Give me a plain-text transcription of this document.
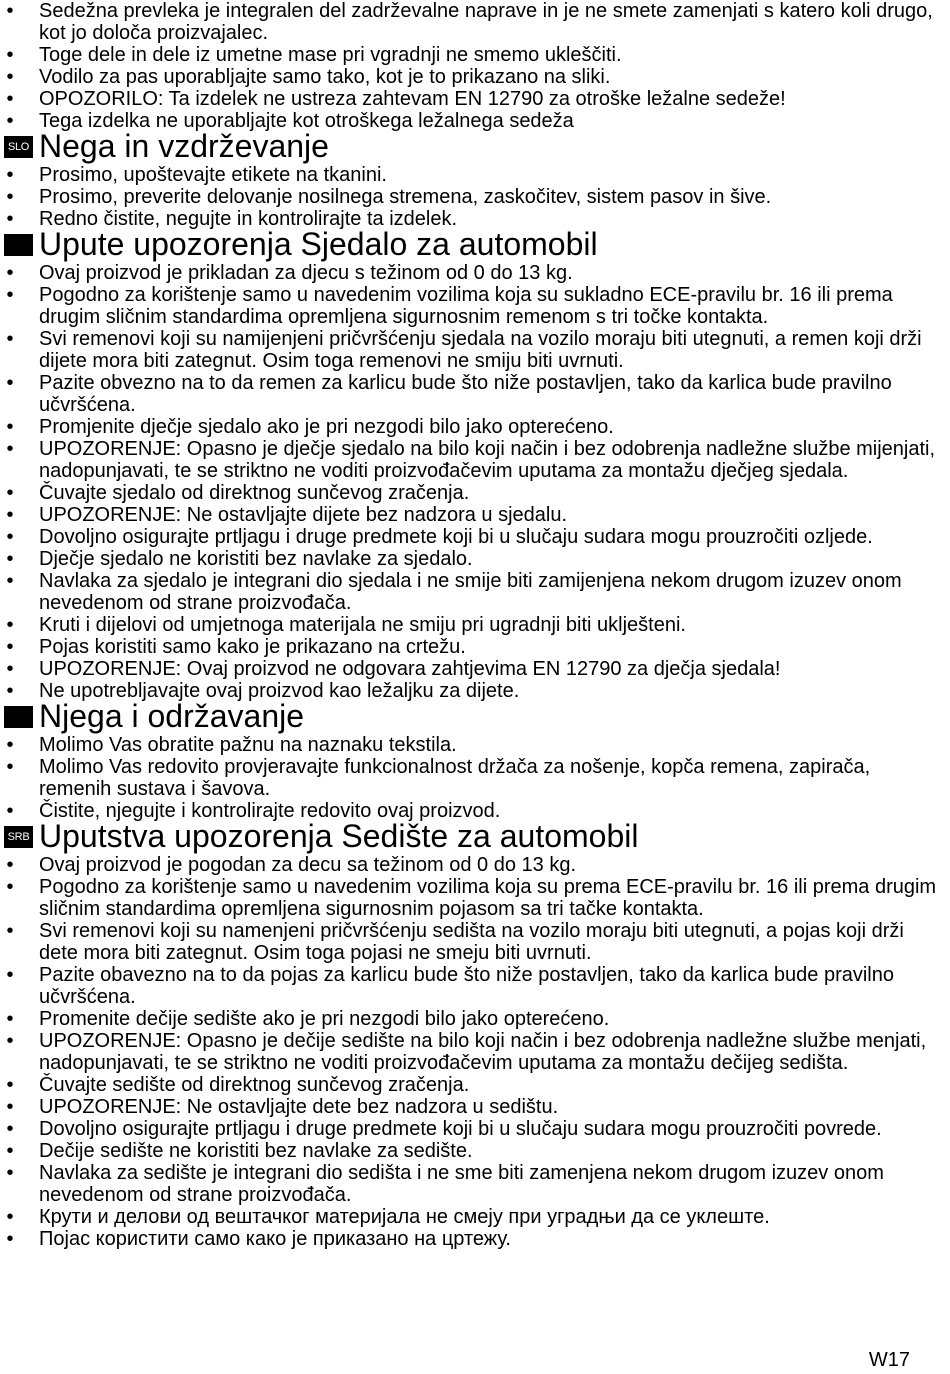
• Sedežna prevleka je integralen del zadrževalne naprave in je ne smete zamenjati s katero koli drugo, kot jo določa proizvajalec.
• Toge dele in dele iz umetne mase pri vgradnji ne smemo ukleščiti.
• Vodilo za pas uporabljajte samo tako, kot je to prikazano na sliki.
• OPOZORILO: Ta izdelek ne ustreza zahtevam EN 12790 za otroške ležalne sedeže!
• Tega izdelka ne uporabljajte kot otroškega ležalnega sedeža
SLO Nega in vzdrževanje
• Prosimo, upoštevajte etikete na tkanini.
• Prosimo, preverite delovanje nosilnega stremena, zaskočitev, sistem pasov in šive.
• Redno čistite, negujte in kontrolirajte ta izdelek.
Upute upozorenja Sjedalo za automobil
• Ovaj proizvod je prikladan za djecu s težinom od 0 do 13 kg.
• Pogodno za korištenje samo u navedenim vozilima koja su sukladno ECE-pravilu br. 16 ili prema drugim sličnim standardima opremljena sigurnosnim remenom s tri točke kontakta.
• Svi remenovi koji su namijenjeni pričvršćenju sjedala na vozilo moraju biti utegnuti, a remen koji drži dijete mora biti zategnut. Osim toga remenovi ne smiju biti uvrnuti.
• Pazite obvezno na to da remen za karlicu bude što niže postavljen, tako da karlica bude pravilno učvršćena.
• Promjenite dječje sjedalo ako je pri nezgodi bilo jako opterećeno.
• UPOZORENJE: Opasno je dječje sjedalo na bilo koji način i bez odobrenja nadležne službe mijenjati, nadopunjavati, te se striktno ne voditi proizvođačevim uputama za montažu dječjeg sjedala.
• Čuvajte sjedalo od direktnog sunčevog zračenja.
• UPOZORENJE: Ne ostavljajte dijete bez nadzora u sjedalu.
• Dovoljno osigurajte prtljagu i druge predmete koji bi u slučaju sudara mogu prouzročiti ozljede.
• Dječje sjedalo ne koristiti bez navlake za sjedalo.
• Navlaka za sjedalo je integrani dio sjedala i ne smije biti zamijenjena nekom drugom izuzev onom nevedenom od strane proizvođača.
• Kruti i dijelovi od umjetnoga materijala ne smiju pri ugradnji biti uklješteni.
• Pojas koristiti samo kako je prikazano na crtežu.
• UPOZORENJE: Ovaj proizvod ne odgovara zahtjevima EN 12790 za dječja sjedala!
• Ne upotrebljavajte ovaj proizvod kao ležaljku za dijete.
Njega i održavanje
• Molimo Vas obratite pažnu na naznaku tekstila.
• Molimo Vas redovito provjeravajte funkcionalnost držača za nošenje, kopča remena, zapirača, remenih sustava i šavova.
• Čistite, njegujte i kontrolirajte redovito ovaj proizvod.
SRB Uputstva upozorenja Sedište za automobil
• Ovaj proizvod je pogodan za decu sa težinom od 0 do 13 kg.
• Pogodno za korištenje samo u navedenim vozilima koja su prema ECE-pravilu br. 16 ili prema drugim sličnim standardima opremljena sigurnosnim pojasom sa tri tačke kontakta.
• Svi remenovi koji su namenjeni pričvršćenju sedišta na vozilo moraju biti utegnuti, a pojas koji drži dete mora biti zategnut. Osim toga pojasi ne smeju biti uvrnuti.
• Pazite obavezno na to da pojas za karlicu bude što niže postavljen, tako da karlica bude pravilno učvršćena.
• Promenite dečije sedište ako je pri nezgodi bilo jako opterećeno.
• UPOZORENJE: Opasno je dečije sedište na bilo koji način i bez odobrenja nadležne službe menjati, nadopunjavati, te se striktno ne voditi proizvođačevim uputama za montažu dečijeg sedišta.
• Čuvajte sedište od direktnog sunčevog zračenja.
• UPOZORENJE: Ne ostavljajte dete bez nadzora u sedištu.
• Dovoljno osigurajte prtljagu i druge predmete koji bi u slučaju sudara mogu prouzročiti povrede.
• Dečije sedište ne koristiti bez navlake za sedište.
• Navlaka za sedište je integrani dio sedišta i ne sme biti zamenjena nekom drugom izuzev onom nevedenom od strane proizvođača.
• Крути и делови од вештачког материјала не смеју при уградњи да се уклеште.
• Појас користити само како је приказано на цртежу.
W17
